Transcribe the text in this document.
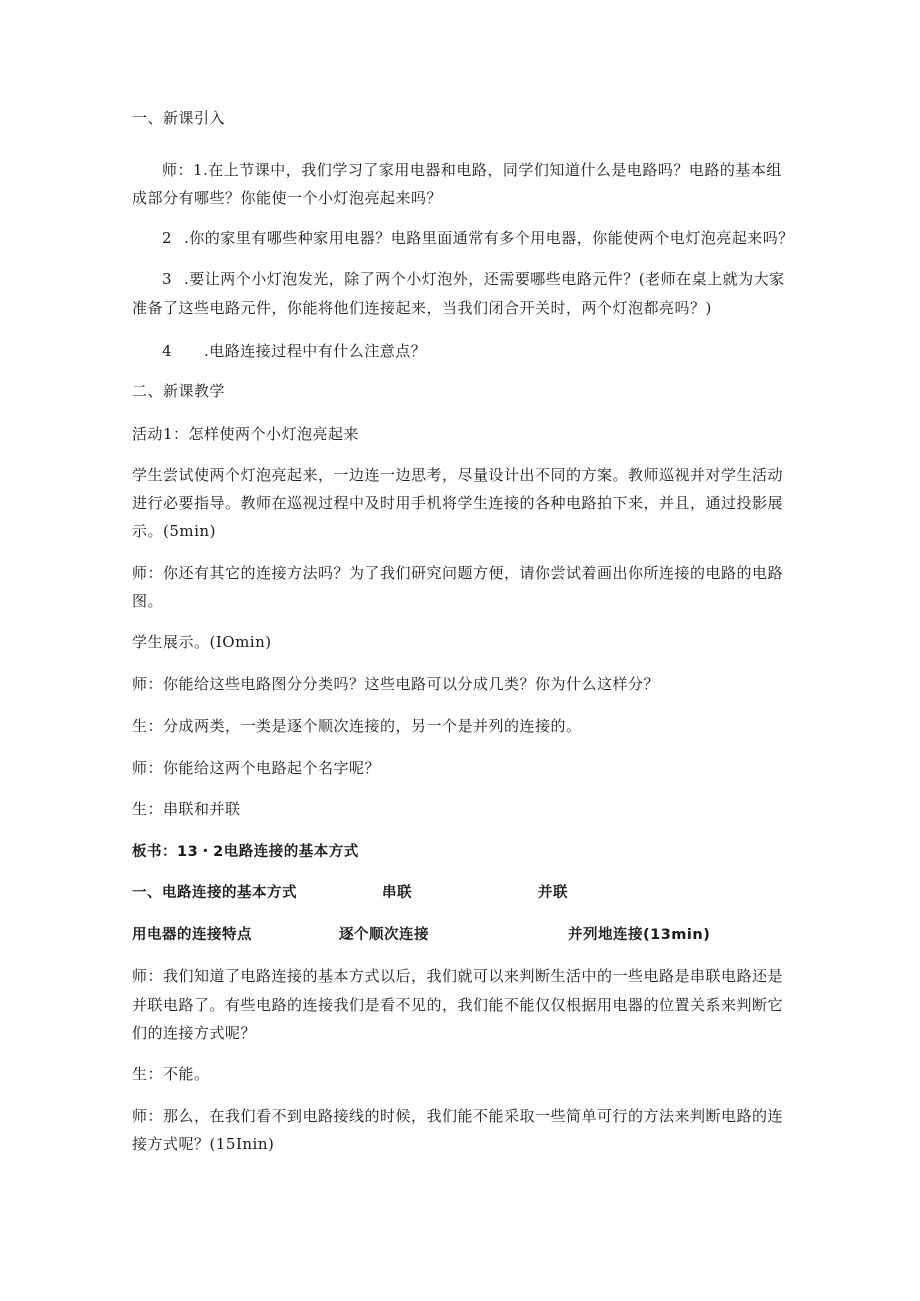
一、新课引入
师：1.在上节课中，我们学习了家用电器和电路，同学们知道什么是电路吗？电路的基本组
成部分有哪些？你能使一个小灯泡亮起来吗？
2 .你的家里有哪些种家用电器？电路里面通常有多个用电器，你能使两个电灯泡亮起来吗？
3 .要让两个小灯泡发光，除了两个小灯泡外，还需要哪些电路元件？(老师在桌上就为大家
准备了这些电路元件，你能将他们连接起来，当我们闭合开关时，两个灯泡都亮吗？)
4 .电路连接过程中有什么注意点？
二、新课教学
活动1：怎样使两个小灯泡亮起来
学生尝试使两个灯泡亮起来，一边连一边思考，尽量设计出不同的方案。教师巡视并对学生活动
进行必要指导。教师在巡视过程中及时用手机将学生连接的各种电路拍下来，并且，通过投影展
示。(5min)
师：你还有其它的连接方法吗？为了我们研究问题方便，请你尝试着画出你所连接的电路的电路
图。
学生展示。(IOmin)
师：你能给这些电路图分分类吗？这些电路可以分成几类？你为什么这样分？
生：分成两类，一类是逐个顺次连接的，另一个是并列的连接的。
师：你能给这两个电路起个名字呢？
生：串联和并联
板书：13・2电路连接的基本方式
一、电路连接的基本方式	串联	并联
用电器的连接特点	逐个顺次连接	并列地连接(13min)
师：我们知道了电路连接的基本方式以后，我们就可以来判断生活中的一些电路是串联电路还是
并联电路了。有些电路的连接我们是看不见的，我们能不能仅仅根据用电器的位置关系来判断它
们的连接方式呢？
生：不能。
师：那么，在我们看不到电路接线的时候，我们能不能采取一些简单可行的方法来判断电路的连
接方式呢？(15Inin)
